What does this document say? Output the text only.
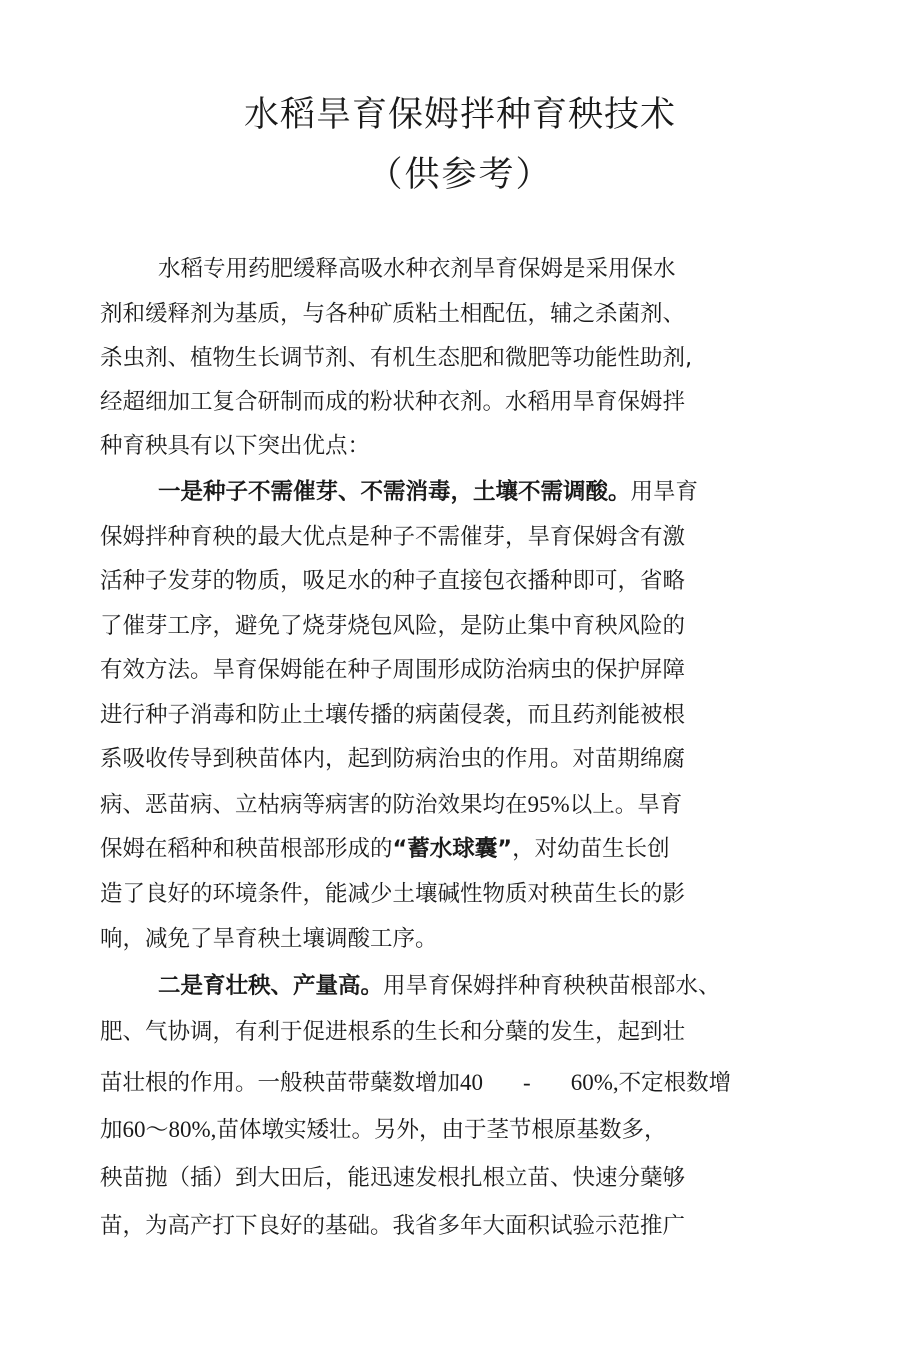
水稻旱育保姆拌种育秧技术
（供参考）

水稻专用药肥缓释高吸水种衣剂旱育保姆是采用保水

剂和缓释剂为基质，与各种矿质粘土相配伍，辅之杀菌剂、

杀虫剂、植物生长调节剂、有机生态肥和微肥等功能性助剂,

经超细加工复合研制而成的粉状种衣剂。水稻用旱育保姆拌

种育秧具有以下突出优点：

一是种子不需催芽、不需消毒，土壤不需调酸。用旱育

保姆拌种育秧的最大优点是种子不需催芽，旱育保姆含有激

活种子发芽的物质，吸足水的种子直接包衣播种即可，省略

了催芽工序，避免了烧芽烧包风险，是防止集中育秧风险的

有效方法。旱育保姆能在种子周围形成防治病虫的保护屏障

进行种子消毒和防止土壤传播的病菌侵袭，而且药剂能被根

系吸收传导到秧苗体内，起到防病治虫的作用。对苗期绵腐

病、恶苗病、立枯病等病害的防治效果均在95%以上。旱育

保姆在稻种和秧苗根部形成的“蓄水球囊”，对幼苗生长创

造了良好的环境条件，能减少土壤碱性物质对秧苗生长的影

响，减免了旱育秧土壤调酸工序。

二是育壮秧、产量高。用旱育保姆拌种育秧秧苗根部水、

肥、气协调，有利于促进根系的生长和分蘖的发生，起到壮

苗壮根的作用。一般秧苗带蘖数增加40 - 60%,不定根数增

加60～80%,苗体墩实矮壮。另外，由于茎节根原基数多，

秧苗抛（插）到大田后，能迅速发根扎根立苗、快速分蘖够

苗，为高产打下良好的基础。我省多年大面积试验示范推广
